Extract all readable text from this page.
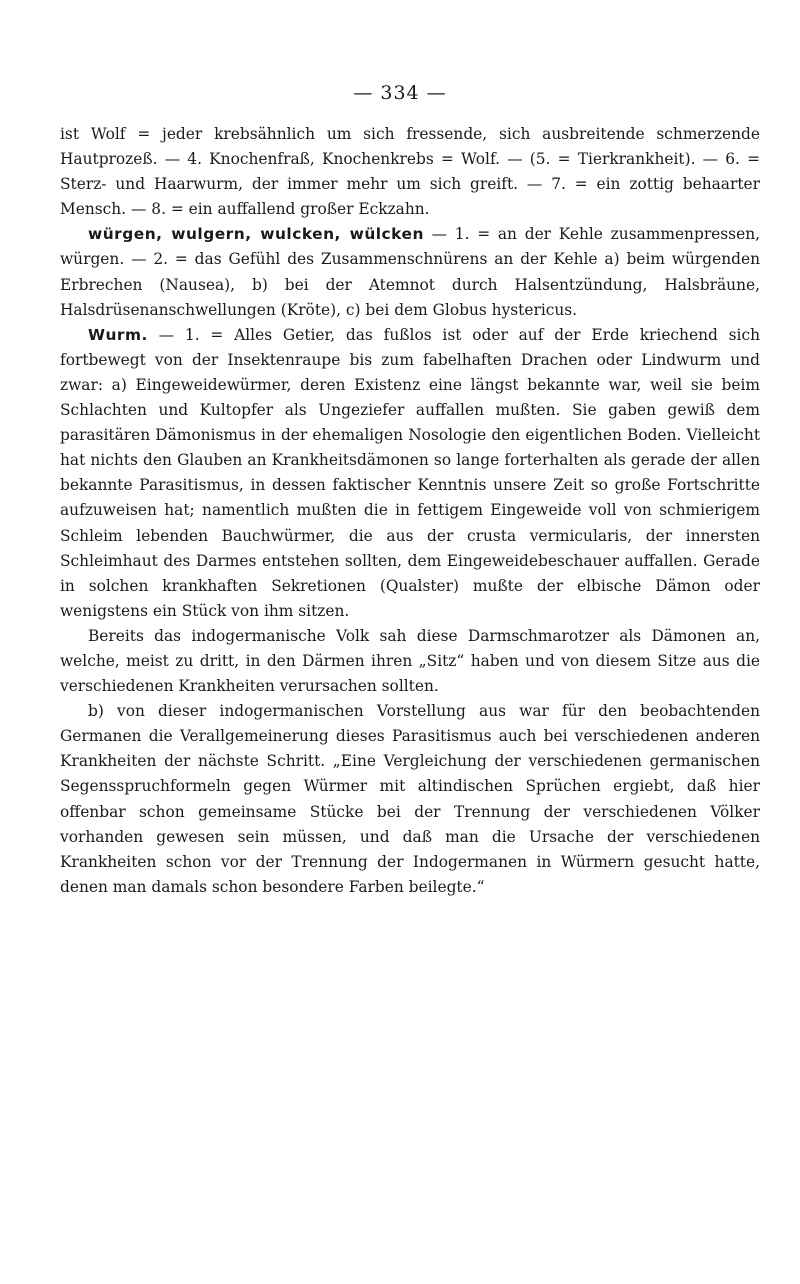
— 334 —

ist Wolf = jeder krebsähnlich um sich fressende, sich ausbreitende schmerzende Hautprozeß. — 4. Knochenfraß, Knochenkrebs = Wolf. — (5. = Tierkrankheit). — 6. = Sterz- und Haarwurm, der immer mehr um sich greift. — 7. = ein zottig behaarter Mensch. — 8. = ein auffallend großer Eckzahn.

würgen, wulgern, wulcken, wülcken — 1. = an der Kehle zusammenpressen, würgen. — 2. = das Gefühl des Zusammenschnürens an der Kehle a) beim würgenden Erbrechen (Nausea), b) bei der Atemnot durch Halsentzündung, Halsbräune, Halsdrüsenanschwellungen (Kröte), c) bei dem Globus hystericus.

Wurm. — 1. = Alles Getier, das fußlos ist oder auf der Erde kriechend sich fortbewegt von der Insektenraupe bis zum fabelhaften Drachen oder Lindwurm und zwar: a) Eingeweidewürmer, deren Existenz eine längst bekannte war, weil sie beim Schlachten und Kultopfer als Ungeziefer auffallen mußten. Sie gaben gewiß dem parasitären Dämonismus in der ehemaligen Nosologie den eigentlichen Boden. Vielleicht hat nichts den Glauben an Krankheitsdämonen so lange forterhalten als gerade der allen bekannte Parasitismus, in dessen faktischer Kenntnis unsere Zeit so große Fortschritte aufzuweisen hat; namentlich mußten die in fettigem Eingeweide voll von schmierigem Schleim lebenden Bauchwürmer, die aus der crusta vermicularis, der innersten Schleimhaut des Darmes entstehen sollten, dem Eingeweidebeschauer auffallen. Gerade in solchen krankhaften Sekretionen (Qualster) mußte der elbische Dämon oder wenigstens ein Stück von ihm sitzen.

Bereits das indogermanische Volk sah diese Darmschmarotzer als Dämonen an, welche, meist zu dritt, in den Därmen ihren „Sitz“ haben und von diesem Sitze aus die verschiedenen Krankheiten verursachen sollten.

b) von dieser indogermanischen Vorstellung aus war für den beobachtenden Germanen die Verallgemeinerung dieses Parasitismus auch bei verschiedenen anderen Krankheiten der nächste Schritt. „Eine Vergleichung der verschiedenen germanischen Segensspruchformeln gegen Würmer mit altindischen Sprüchen ergiebt, daß hier offenbar schon gemeinsame Stücke bei der Trennung der verschiedenen Völker vorhanden gewesen sein müssen, und daß man die Ursache der verschiedenen Krankheiten schon vor der Trennung der Indogermanen in Würmern gesucht hatte, denen man damals schon besondere Farben beilegte.“
